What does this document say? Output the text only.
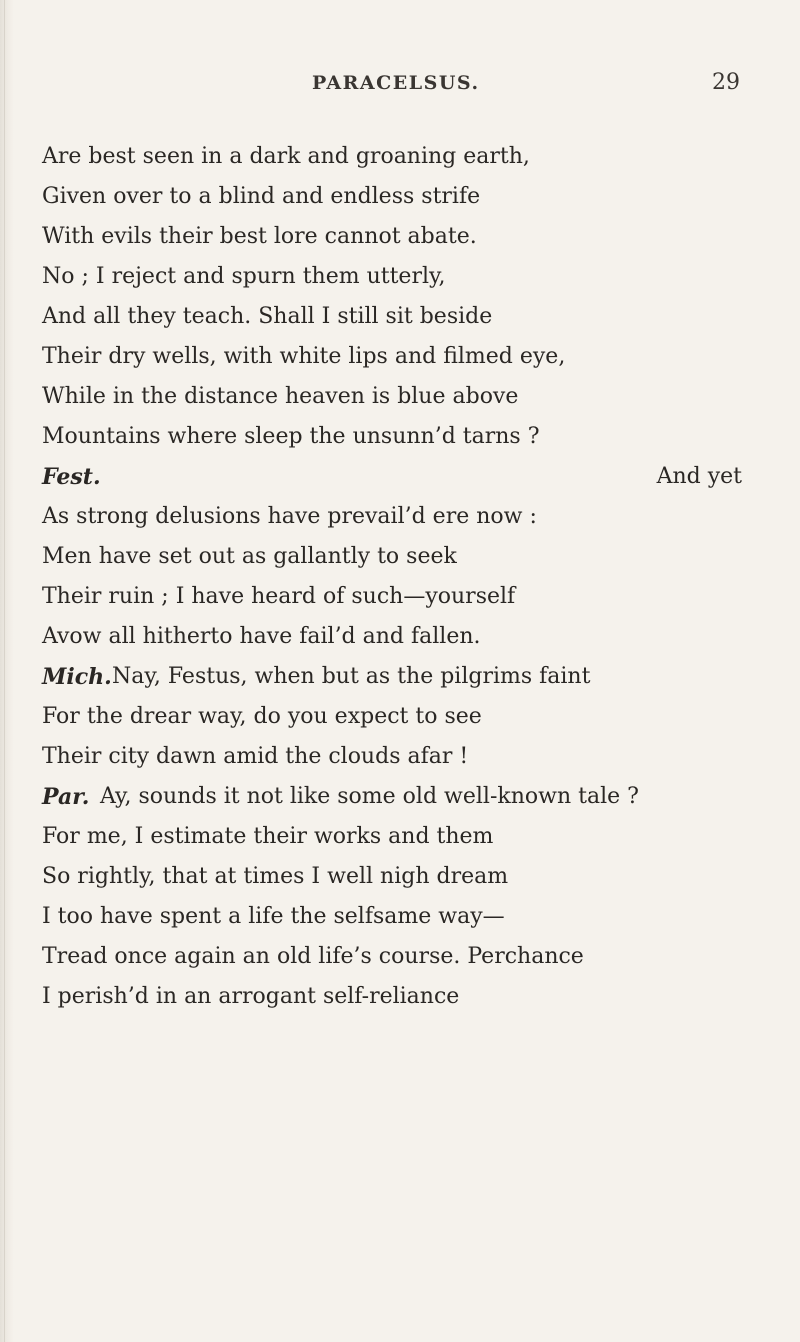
PARACELSUS.	29
Are best seen in a dark and groaning earth,
Given over to a blind and endless strife
With evils their best lore cannot abate.
No ; I reject and spurn them utterly,
And all they teach. Shall I still sit beside
Their dry wells, with white lips and filmed eye,
While in the distance heaven is blue above
Mountains where sleep the unsunn’d tarns ?
Fest.	And yet
As strong delusions have prevail’d ere now :
Men have set out as gallantly to seek
Their ruin ; I have heard of such—yourself
Avow all hitherto have fail’d and fallen.
Mich. Nay, Festus, when but as the pilgrims faint
For the drear way, do you expect to see
Their city dawn amid the clouds afar !
Par. Ay, sounds it not like some old well-known tale ?
For me, I estimate their works and them
So rightly, that at times I well nigh dream
I too have spent a life the selfsame way—
Tread once again an old life’s course. Perchance
I perish’d in an arrogant self-reliance
